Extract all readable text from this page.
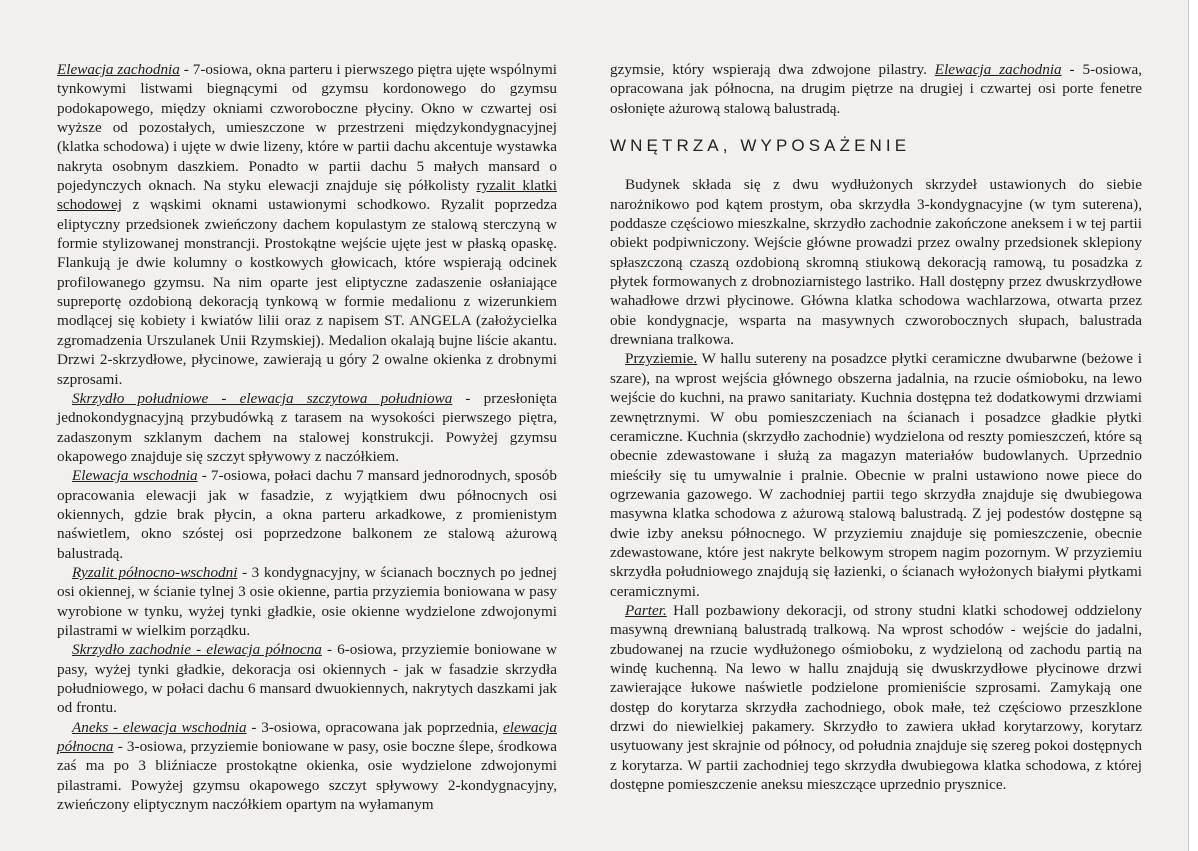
Elewacja zachodnia - 7-osiowa, okna parteru i pierwszego piętra ujęte wspólnymi tynkowymi listwami biegnącymi od gzymsu kordonowego do gzymsu podokapowego, między okniami czworoboczne płyciny. Okno w czwartej osi wyższe od pozostałych, umieszczone w przestrzeni międzykondygnacyjnej (klatka schodowa) i ujęte w dwie lizeny, które w partii dachu akcentuje wystawka nakryta osobnym daszkiem. Ponadto w partii dachu 5 małych mansard o pojedynczych oknach. Na styku elewacji znajduje się półkolisty ryzalit klatki schodowej z wąskimi oknami ustawionymi schodkowo. Ryzalit poprzedza eliptyczny przedsionek zwieńczony dachem kopulastym ze stalową sterczyną w formie stylizowanej monstrancji. Prostokątne wejście ujęte jest w płaską opaskę. Flankują je dwie kolumny o kostkowych głowicach, które wspierają odcinek profilowanego gzymsu. Na nim oparte jest eliptyczne zadaszenie osłaniające supreportę ozdobioną dekoracją tynkową w formie medalionu z wizerunkiem modlącej się kobiety i kwiatów lilii oraz z napisem ST. ANGELA (założycielka zgromadzenia Urszulanek Unii Rzymskiej). Medalion okalają bujne liście akantu. Drzwi 2-skrzydłowe, płycinowe, zawierają u góry 2 owalne okienka z drobnymi szprosami.

Skrzydło południowe - elewacja szczytowa południowa - przesłonięta jednokondygnacyjną przybudówką z tarasem na wysokości pierwszego piętra, zadaszonym szklanym dachem na stalowej konstrukcji. Powyżej gzymsu okapowego znajduje się szczyt spływowy z naczółkiem.

Elewacja wschodnia - 7-osiowa, połaci dachu 7 mansard jednorodnych, sposób opracowania elewacji jak w fasadzie, z wyjątkiem dwu północnych osi okiennych, gdzie brak płycin, a okna parteru arkadkowe, z promienistym naświetlem, okno szóstej osi poprzedzone balkonem ze stalową ażurową balustradą.

Ryzalit północno-wschodni - 3 kondygnacyjny, w ścianach bocznych po jednej osi okiennej, w ścianie tylnej 3 osie okienne, partia przyziemia boniowana w pasy wyrobione w tynku, wyżej tynki gładkie, osie okienne wydzielone zdwojonymi pilastrami w wielkim porządku.

Skrzydło zachodnie - elewacja północna - 6-osiowa, przyziemie boniowane w pasy, wyżej tynki gładkie, dekoracja osi okiennych - jak w fasadzie skrzydła południowego, w połaci dachu 6 mansard dwuokiennych, nakrytych daszkami jak od frontu.

Aneks - elewacja wschodnia - 3-osiowa, opracowana jak poprzednia, elewacja północna - 3-osiowa, przyziemie boniowane w pasy, osie boczne ślepe, środkowa zaś ma po 3 bliźniacze prostokątne okienka, osie wydzielone zdwojonymi pilastrami. Powyżej gzymsu okapowego szczyt spływowy 2-kondygnacyjny, zwieńczony eliptycznym naczółkiem opartym na wyłamanym

gzymsie, który wspierają dwa zdwojone pilastry. Elewacja zachodnia - 5-osiowa, opracowana jak północna, na drugim piętrze na drugiej i czwartej osi porte fenetre osłonięte ażurową stalową balustradą.

WNĘTRZA, WYPOSAŻENIE

Budynek składa się z dwu wydłużonych skrzydeł ustawionych do siebie narożnikowo pod kątem prostym, oba skrzydła 3-kondygnacyjne (w tym suterena), poddasze częściowo mieszkalne, skrzydło zachodnie zakończone aneksem i w tej partii obiekt podpiwniczony. Wejście główne prowadzi przez owalny przedsionek sklepiony spłaszczoną czaszą ozdobioną skromną stiukową dekoracją ramową, tu posadzka z płytek formowanych z drobnoziarnistego lastriko. Hall dostępny przez dwuskrzydłowe wahadłowe drzwi płycinowe. Główna klatka schodowa wachlarzowa, otwarta przez obie kondygnacje, wsparta na masywnych czworobocznych słupach, balustrada drewniana tralkowa.

Przyziemie. W hallu sutereny na posadzce płytki ceramiczne dwubarwne (beżowe i szare), na wprost wejścia głównego obszerna jadalnia, na rzucie ośmioboku, na lewo wejście do kuchni, na prawo sanitariaty. Kuchnia dostępna też dodatkowymi drzwiami zewnętrznymi. W obu pomieszczeniach na ścianach i posadzce gładkie płytki ceramiczne. Kuchnia (skrzydło zachodnie) wydzielona od reszty pomieszczeń, które są obecnie zdewastowane i służą za magazyn materiałów budowlanych. Uprzednio mieściły się tu umywalnie i pralnie. Obecnie w pralni ustawiono nowe piece do ogrzewania gazowego. W zachodniej partii tego skrzydła znajduje się dwubiegowa masywna klatka schodowa z ażurową stalową balustradą. Z jej podestów dostępne są dwie izby aneksu północnego. W przyziemiu znajduje się pomieszczenie, obecnie zdewastowane, które jest nakryte belkowym stropem nagim pozornym. W przyziemiu skrzydła południowego znajdują się łazienki, o ścianach wyłożonych białymi płytkami ceramicznymi.

Parter. Hall pozbawiony dekoracji, od strony studni klatki schodowej oddzielony masywną drewnianą balustradą tralkową. Na wprost schodów - wejście do jadalni, zbudowanej na rzucie wydłużonego ośmioboku, z wydzieloną od zachodu partią na windę kuchenną. Na lewo w hallu znajdują się dwuskrzydłowe płycinowe drzwi zawierające łukowe naświetle podzielone promieniście szprosami. Zamykają one dostęp do korytarza skrzydła zachodniego, obok małe, też częściowo przeszklone drzwi do niewielkiej pakamery. Skrzydło to zawiera układ korytarzowy, korytarz usytuowany jest skrajnie od północy, od południa znajduje się szereg pokoi dostępnych z korytarza. W partii zachodniej tego skrzydła dwubiegowa klatka schodowa, z której dostępne pomieszczenie aneksu mieszczące uprzednio prysznice.
